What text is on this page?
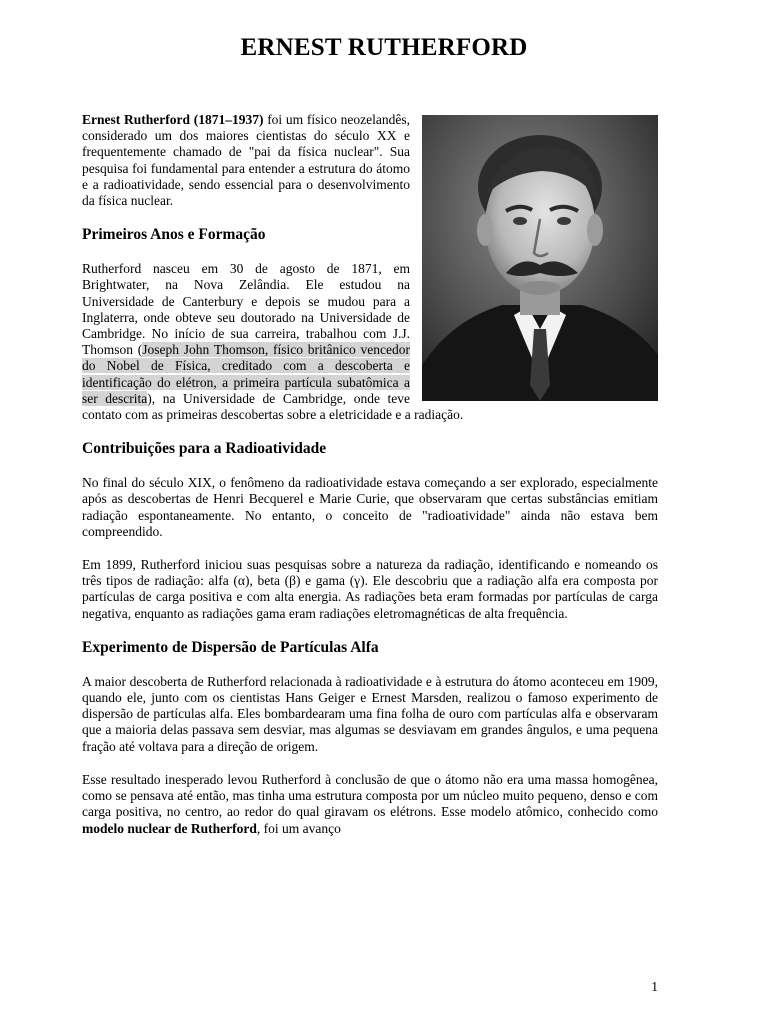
ERNEST RUTHERFORD

Ernest Rutherford (1871–1937) foi um físico neozelandês, considerado um dos maiores cientistas do século XX e frequentemente chamado de "pai da física nuclear". Sua pesquisa foi fundamental para entender a estrutura do átomo e a radioatividade, sendo essencial para o desenvolvimento da física nuclear.

Primeiros Anos e Formação

Rutherford nasceu em 30 de agosto de 1871, em Brightwater, na Nova Zelândia. Ele estudou na Universidade de Canterbury e depois se mudou para a Inglaterra, onde obteve seu doutorado na Universidade de Cambridge. No início de sua carreira, trabalhou com J.J. Thomson (Joseph John Thomson, físico britânico vencedor do Nobel de Física, creditado com a descoberta e identificação do elétron, a primeira partícula subatômica a ser descrita), na Universidade de Cambridge, onde teve contato com as primeiras descobertas sobre a eletricidade e a radiação.

Contribuições para a Radioatividade

No final do século XIX, o fenômeno da radioatividade estava começando a ser explorado, especialmente após as descobertas de Henri Becquerel e Marie Curie, que observaram que certas substâncias emitiam radiação espontaneamente. No entanto, o conceito de "radioatividade" ainda não estava bem compreendido.

Em 1899, Rutherford iniciou suas pesquisas sobre a natureza da radiação, identificando e nomeando os três tipos de radiação: alfa (α), beta (β) e gama (γ). Ele descobriu que a radiação alfa era composta por partículas de carga positiva e com alta energia. As radiações beta eram formadas por partículas de carga negativa, enquanto as radiações gama eram radiações eletromagnéticas de alta frequência.

Experimento de Dispersão de Partículas Alfa

A maior descoberta de Rutherford relacionada à radioatividade e à estrutura do átomo aconteceu em 1909, quando ele, junto com os cientistas Hans Geiger e Ernest Marsden, realizou o famoso experimento de dispersão de partículas alfa. Eles bombardearam uma fina folha de ouro com partículas alfa e observaram que a maioria delas passava sem desviar, mas algumas se desviavam em grandes ângulos, e uma pequena fração até voltava para a direção de origem.

Esse resultado inesperado levou Rutherford à conclusão de que o átomo não era uma massa homogênea, como se pensava até então, mas tinha uma estrutura composta por um núcleo muito pequeno, denso e com carga positiva, no centro, ao redor do qual giravam os elétrons. Esse modelo atômico, conhecido como modelo nuclear de Rutherford, foi um avanço

1
